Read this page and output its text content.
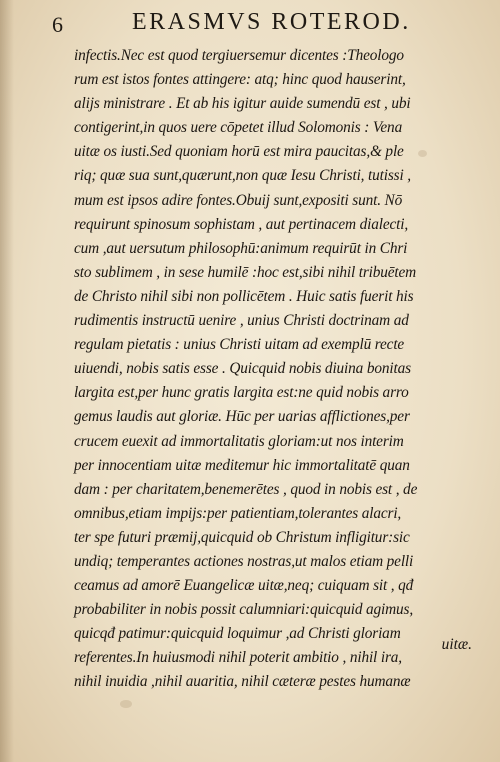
6	ERASMVS ROTEROD.
infectis.Nec est quod tergiuersemur dicentes :Theologo
rum est istos fontes attingere: atq; hinc quod hauserint,
alijs ministrare . Et ab his igitur auide sumendū est , ubi
contigerint,in quos uere cōpetet illud Solomonis : Vena
uitæ os iusti.Sed quoniam horū est mira paucitas,& ple
riq; quæ sua sunt,quærunt,non quæ Iesu Christi, tutissi ,
mum est ipsos adire fontes.Obuij sunt,expositi sunt. Nō
requirunt spinosum sophistam , aut pertinacem dialecti,
cum ,aut uersutum philosophū:animum requirūt in Chri
sto sublimem , in sese humilē :hoc est,sibi nihil tribuētem
de Christo nihil sibi non pollicētem . Huic satis fuerit his
rudimentis instructū uenire , unius Christi doctrinam ad
regulam pietatis : unius Christi uitam ad exemplū recte
uiuendi, nobis satis esse . Quicquid nobis diuina bonitas
largita est,per hunc gratis largita est:ne quid nobis arro
gemus laudis aut gloriæ. Hūc per uarias afflictiones,per
crucem euexit ad immortalitatis gloriam:ut nos interim
per innocentiam uitæ meditemur hic immortalitatē quan
dam : per charitatem,benemerētes , quod in nobis est , de
omnibus,etiam impijs:per patientiam,tolerantes alacri,
ter spe futuri præmij,quicquid ob Christum infligitur:sic
undiq; temperantes actiones nostras,ut malos etiam pelli
ceamus ad amorē Euangelicæ uitæ,neq; cuiquam sit , qđ
probabiliter in nobis possit calumniari:quicquid agimus,
quicqđ patimur:quicquid loquimur ,ad Christi gloriam
referentes.In huiusmodi nihil poterit ambitio , nihil ira,
nihil inuidia ,nihil auaritia, nihil cæteræ pestes humanæ
uitæ.
